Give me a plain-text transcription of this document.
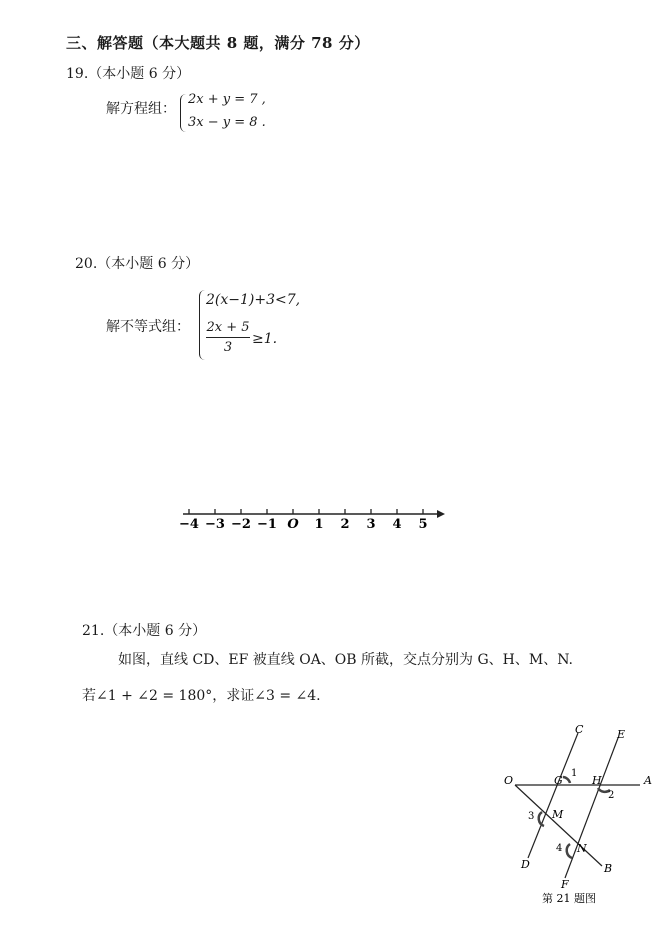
三、解答题（本大题共 8 题，满分 78 分）
19.（本小题 6 分）
解方程组：
2x + y = 7 ,
3x − y = 8 .
20.（本小题 6 分）
解不等式组：
2(x−1)+3<7,
2x + 5
3
≥1.
−4 −3 −2 −1 O 1 2 3 4 5
21.（本小题 6 分）
如图，直线 CD、EF 被直线 OA、OB 所截，交点分别为 G、H、M、N.
若∠1 + ∠2 = 180°，求证∠3 = ∠4.
O	A
B
C
D
E
F
G	H
M
N
1
2
3
4
第 21 题图
